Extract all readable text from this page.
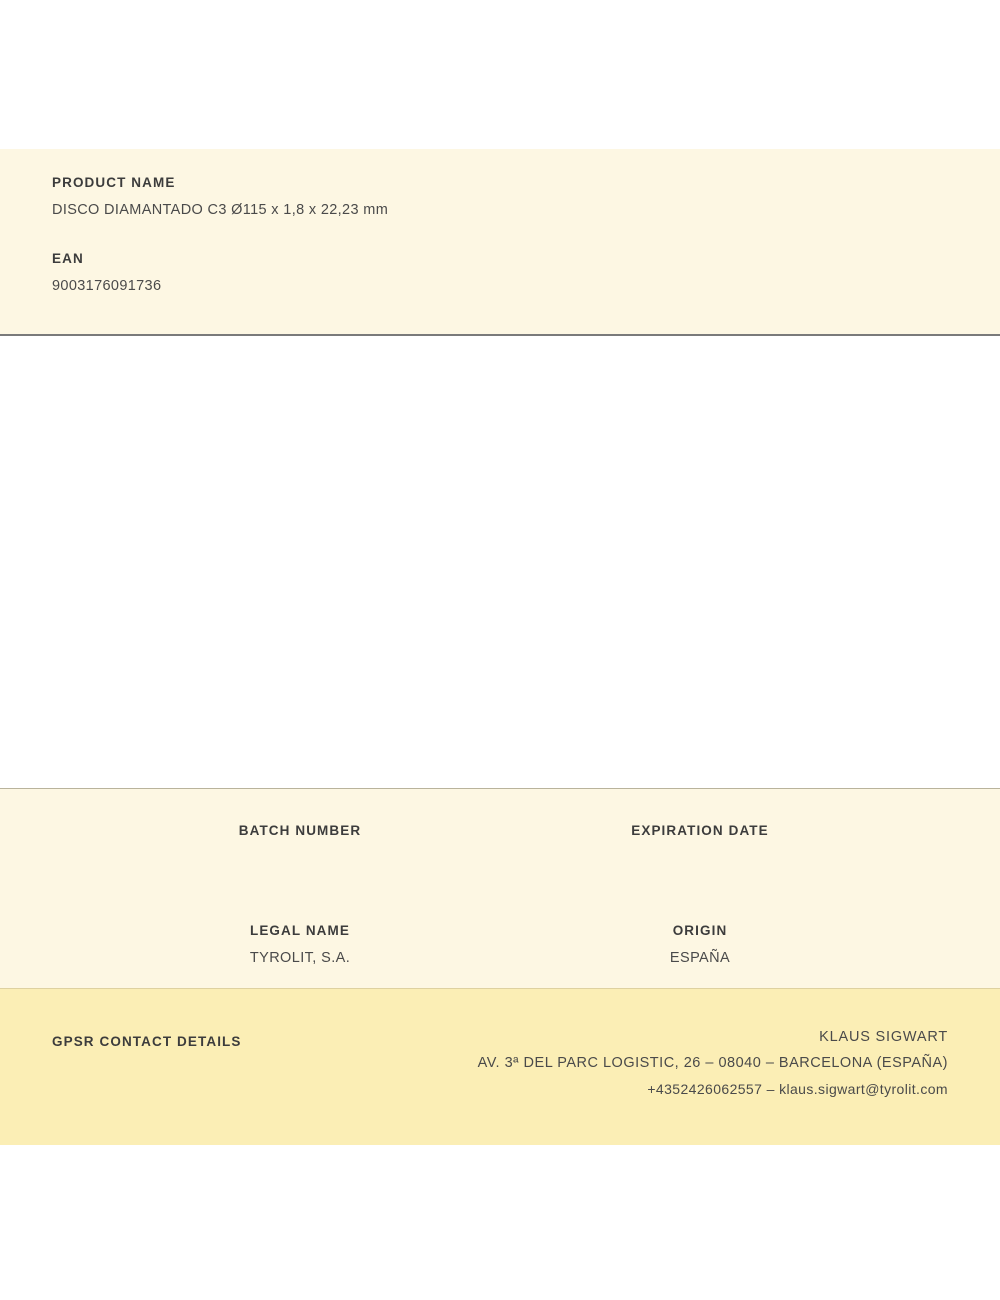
PRODUCT NAME
DISCO DIAMANTADO C3 Ø115 x 1,8 x 22,23 mm
EAN
9003176091736
BATCH NUMBER	EXPIRATION DATE
LEGAL NAME
TYROLIT, S.A.
ORIGIN
ESPAÑA
GPSR CONTACT DETAILS	KLAUS SIGWART
AV. 3ª DEL PARC LOGISTIC, 26 – 08040 – BARCELONA (ESPAÑA)
+4352426062557 – klaus.sigwart@tyrolit.com
